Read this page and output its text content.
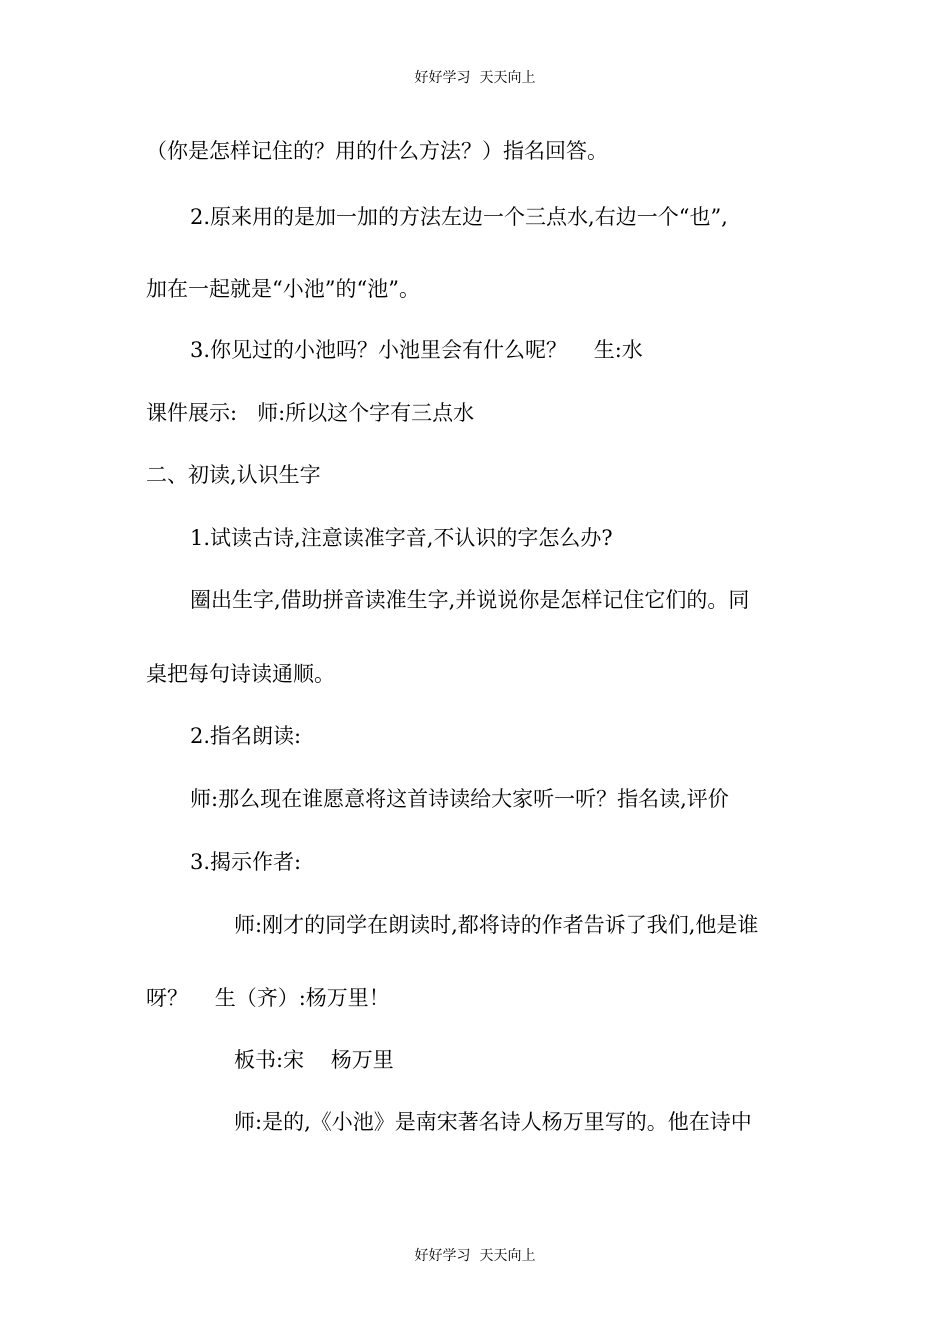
好好学习  天天向上
（你是怎样记住的？用的什么方法？）指名回答。
2.原来用的是加一加的方法左边一个三点水,右边一个“也”,
加在一起就是“小池”的“池”。
3.你见过的小池吗？小池里会有什么呢？    生:水
课件展示:   师:所以这个字有三点水
二、初读,认识生字
1.试读古诗,注意读准字音,不认识的字怎么办?
圈出生字,借助拼音读准生字,并说说你是怎样记住它们的。同
桌把每句诗读通顺。
2.指名朗读:
师:那么现在谁愿意将这首诗读给大家听一听？指名读,评价
3.揭示作者:
师:刚才的同学在朗读时,都将诗的作者告诉了我们,他是谁
呀？    生（齐）:杨万里！
板书:宋    杨万里
师:是的,《小池》是南宋著名诗人杨万里写的。他在诗中
好好学习  天天向上
